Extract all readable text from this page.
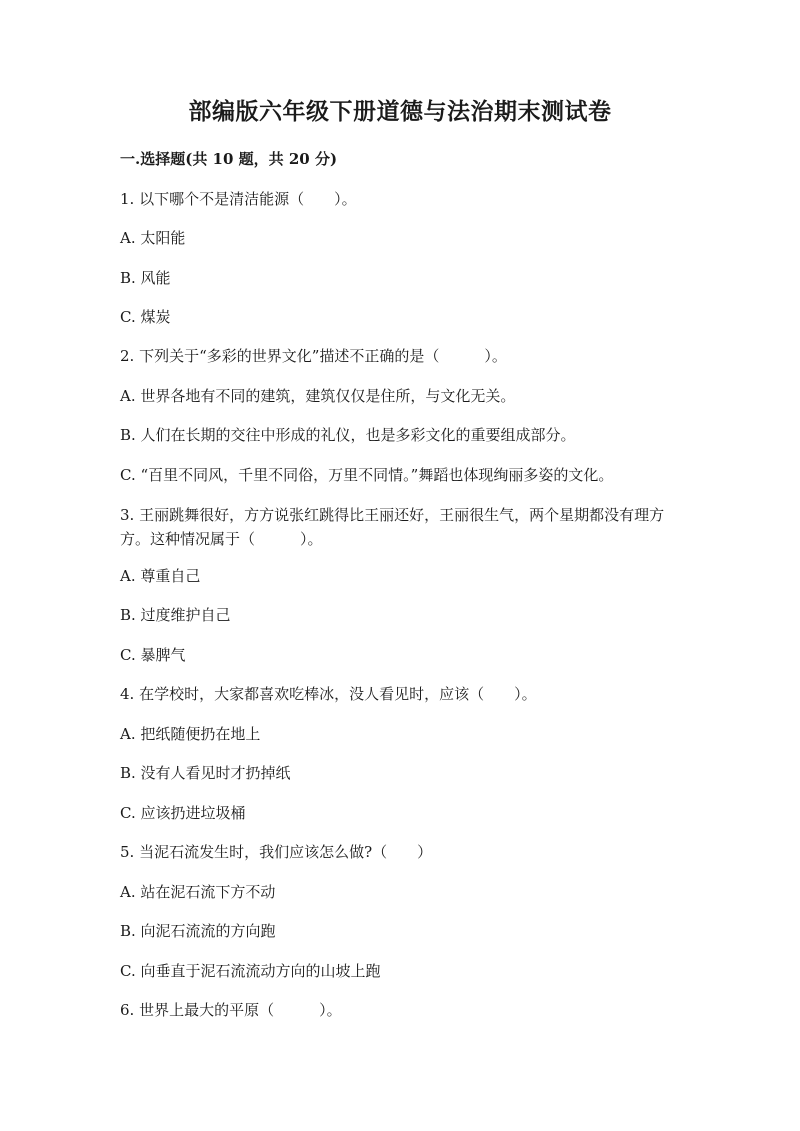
部编版六年级下册道德与法治期末测试卷
一.选择题(共 10 题，共 20 分)
1. 以下哪个不是清洁能源（　　）。
A. 太阳能
B. 风能
C. 煤炭
2. 下列关于“多彩的世界文化”描述不正确的是（　　　）。
A. 世界各地有不同的建筑，建筑仅仅是住所，与文化无关。
B. 人们在长期的交往中形成的礼仪，也是多彩文化的重要组成部分。
C. “百里不同风，千里不同俗，万里不同情。”舞蹈也体现绚丽多姿的文化。
3. 王丽跳舞很好，方方说张红跳得比王丽还好，王丽很生气，两个星期都没有理方方。这种情况属于（　　　）。
A. 尊重自己
B. 过度维护自己
C. 暴脾气
4. 在学校时，大家都喜欢吃棒冰，没人看见时，应该（　　）。
A. 把纸随便扔在地上
B. 没有人看见时才扔掉纸
C. 应该扔进垃圾桶
5. 当泥石流发生时，我们应该怎么做?（　　）
A. 站在泥石流下方不动
B. 向泥石流流的方向跑
C. 向垂直于泥石流流动方向的山坡上跑
6. 世界上最大的平原（　　　）。
